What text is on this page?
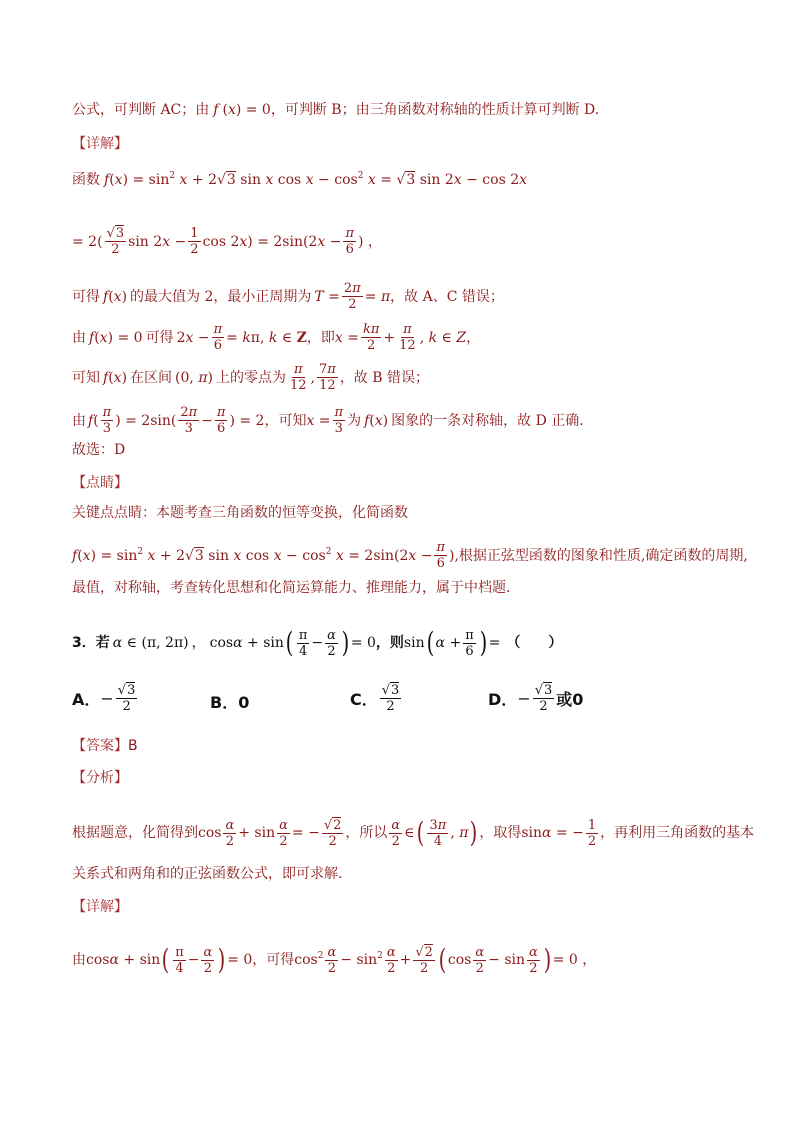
公式，可判断 AC；由 f ( x ) = 0 ，可判断 B；由三角函数对称轴的性质计算可判断 D.
【详解】
函数 $f(x) = \sin^2 x + 2√3$ sin x $\cos x - \cos^2 x = √3$ sin 2x − cos 2x
= $2( \frac{√3}{2}$ $\sin 2x - \frac{1}{2}$ $\cos 2x) = 2\sin(2x - \frac{\pi}{6}$ ) ，
可得 f(x) 的最大值为 2，最小正周期为 $T = \frac{2\pi}{2} = \pi$ ，故 A、C 错误；
由 f(x) = 0 可得 $2x - \frac{\pi}{6} = k\pi$, k ∈ Z ，即 $x = \frac{k\pi}{2} + \frac{\pi}{12}$ , k ∈ Z ，
可知 f(x) 在区间 (0, π) 上的零点为 $\frac{\pi}{12}$ , $\frac{7\pi}{12}$ ，故 B 错误；
由 f ( $\frac{\pi}{3}$ ) = $2\sin( \frac{2\pi}{3} - \frac{\pi}{6}$ ) = 2 ，可知 $x = \frac{\pi}{3}$ 为 f(x) 图象的一条对称轴，故 D 正确.
故选：D
【点睛】
关键点点睛：本题考查三角函数的恒等变换，化简函数
$f(x) = \sin^2 x + 2√3$ sin x $\cos x - \cos^2 x = 2\sin(2x - \frac{\pi}{6}$ ) ,根据正弦型函数的图象和性质,确定函数的周期,
最值，对称轴，考查转化思想和化简运算能力、推理能力，属于中档题.
3．若 α ∈ (π, 2π) ， cosα + sin ( $\frac{\pi}{4} - \frac{\alpha}{2}$ ) = 0 ，则 sin ( $\alpha + \frac{\pi}{6}$ ) = （　　）
A． − $\frac{√3}{2}$	B．0	C． $\frac{√3}{2}$	D． − $\frac{√3}{2}$ 或0
【答案】 B
【分析】
根据题意，化简得到 $\cos \frac{\alpha}{2} + \sin \frac{\alpha}{2}$ = − $\frac{√2}{2}$ ，所以 $\frac{\alpha}{2}$ ∈ ( $\frac{3\pi}{4}$ , π ) ，取得 sinα = − $\frac{1}{2}$ ，再利用三角函数的基本
关系式和两角和的正弦函数公式，即可求解.
【详解】
由 cosα + sin ( $\frac{\pi}{4} - \frac{\alpha}{2}$ ) = 0 ，可得 $\cos^2 \frac{\alpha}{2} - \sin^2 \frac{\alpha}{2} + \frac{√2}{2}$ ( $\cos \frac{\alpha}{2} - \sin \frac{\alpha}{2}$ ) = 0 ，
